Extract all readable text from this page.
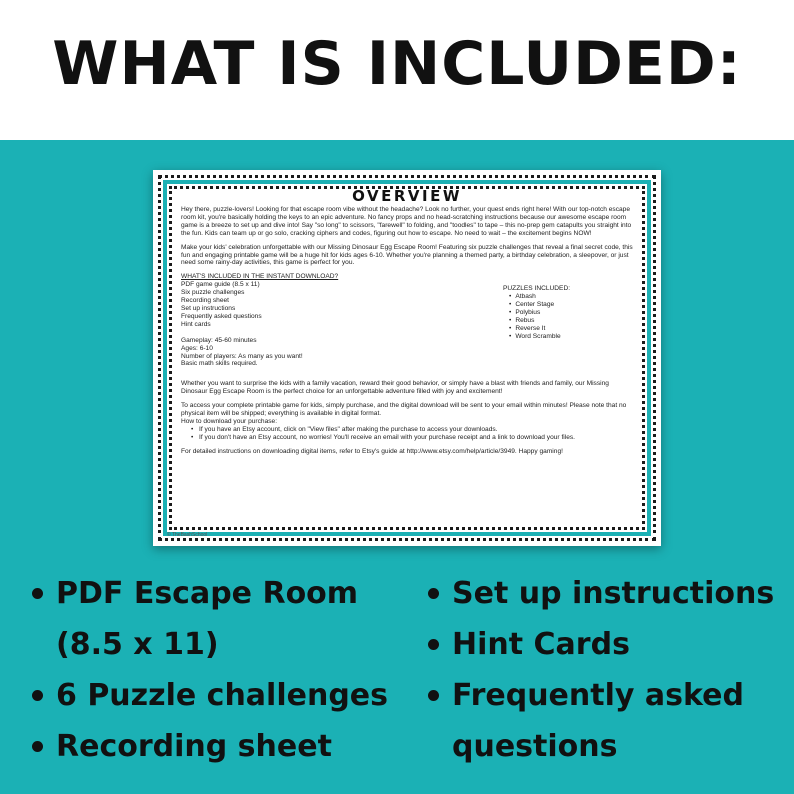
WHAT IS INCLUDED:
OVERVIEW

Hey there, puzzle-lovers! Looking for that escape room vibe without the headache? Look no further, your quest ends right here! With our top-notch escape room kit, you're basically holding the keys to an epic adventure. No fancy props and no head-scratching instructions because our awesome escape room game is a breeze to set up and dive into! Say "so long" to scissors, "farewell" to folding, and "toodles" to tape – this no-prep gem catapults you straight into the fun. Kids can team up or go solo, cracking ciphers and codes, figuring out how to escape. No need to wait – the excitement begins NOW!

Make your kids' celebration unforgettable with our Missing Dinosaur Egg Escape Room! Featuring six puzzle challenges that reveal a final secret code, this fun and engaging printable game will be a huge hit for kids ages 6-10. Whether you're planning a themed party, a birthday celebration, a sleepover, or just need some rainy-day activities, this game is perfect for you.

WHAT'S INCLUDED IN THE INSTANT DOWNLOAD?
PDF game guide (8.5 x 11)
Six puzzle challenges
Recording sheet
Set up instructions
Frequently asked questions
Hint cards
Gameplay: 45-60 minutes
Ages: 6-10
Number of players: As many as you want!
Basic math skills required.
PUZZLES INCLUDED:
• Atbash
• Center Stage
• Polybius
• Rebus
• Reverse It
• Word Scramble

Whether you want to surprise the kids with a family vacation, reward their good behavior, or simply have a blast with friends and family, our Missing Dinosaur Egg Escape Room is the perfect choice for an unforgettable adventure filled with joy and excitement!

To access your complete printable game for kids, simply purchase, and the digital download will be sent to your email within minutes! Please note that no physical item will be shipped; everything is available in digital format.

How to download your purchase:
• If you have an Etsy account, click on "View files" after making the purchase to access your downloads.
• If you don't have an Etsy account, no worries! You'll receive an email with your purchase receipt and a link to download your files.

For detailed instructions on downloading digital items, refer to Etsy's guide at http://www.etsy.com/help/article/3949. Happy gaming!

© TheBashSchool
PDF Escape Room (8.5 x 11)
6 Puzzle challenges
Recording sheet
Set up instructions
Hint Cards
Frequently asked questions
